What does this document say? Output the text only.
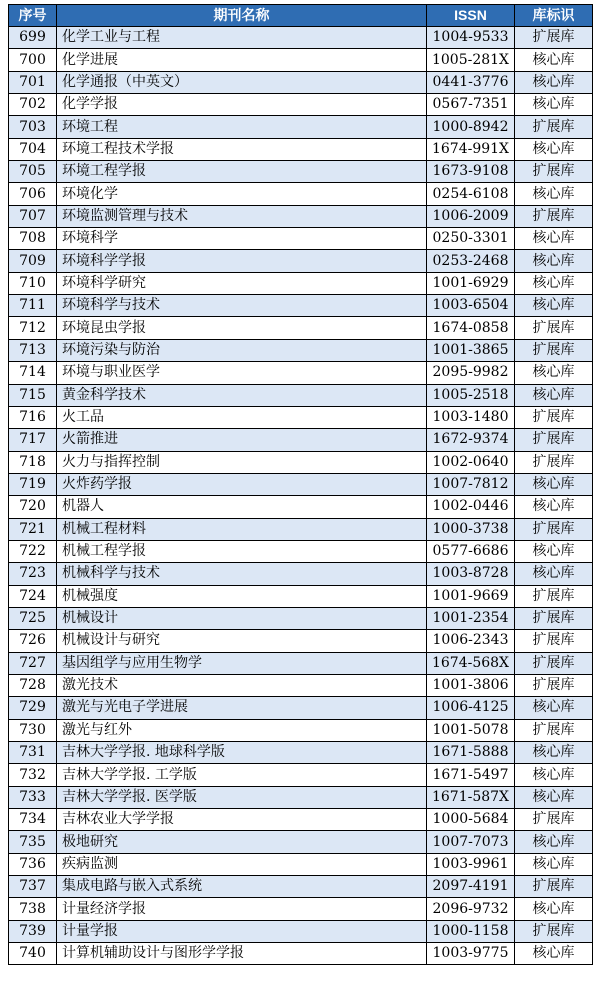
序号	期刊名称	ISSN	库标识
699	化学工业与工程	1004-9533	扩展库
700	化学进展	1005-281X	核心库
701	化学通报（中英文）	0441-3776	核心库
702	化学学报	0567-7351	核心库
703	环境工程	1000-8942	扩展库
704	环境工程技术学报	1674-991X	核心库
705	环境工程学报	1673-9108	扩展库
706	环境化学	0254-6108	核心库
707	环境监测管理与技术	1006-2009	扩展库
708	环境科学	0250-3301	核心库
709	环境科学学报	0253-2468	核心库
710	环境科学研究	1001-6929	核心库
711	环境科学与技术	1003-6504	核心库
712	环境昆虫学报	1674-0858	扩展库
713	环境污染与防治	1001-3865	扩展库
714	环境与职业医学	2095-9982	核心库
715	黄金科学技术	1005-2518	核心库
716	火工品	1003-1480	扩展库
717	火箭推进	1672-9374	扩展库
718	火力与指挥控制	1002-0640	扩展库
719	火炸药学报	1007-7812	核心库
720	机器人	1002-0446	核心库
721	机械工程材料	1000-3738	扩展库
722	机械工程学报	0577-6686	核心库
723	机械科学与技术	1003-8728	核心库
724	机械强度	1001-9669	扩展库
725	机械设计	1001-2354	扩展库
726	机械设计与研究	1006-2343	扩展库
727	基因组学与应用生物学	1674-568X	扩展库
728	激光技术	1001-3806	扩展库
729	激光与光电子学进展	1006-4125	核心库
730	激光与红外	1001-5078	扩展库
731	吉林大学学报. 地球科学版	1671-5888	核心库
732	吉林大学学报. 工学版	1671-5497	核心库
733	吉林大学学报. 医学版	1671-587X	核心库
734	吉林农业大学学报	1000-5684	扩展库
735	极地研究	1007-7073	核心库
736	疾病监测	1003-9961	核心库
737	集成电路与嵌入式系统	2097-4191	扩展库
738	计量经济学报	2096-9732	核心库
739	计量学报	1000-1158	扩展库
740	计算机辅助设计与图形学学报	1003-9775	核心库
